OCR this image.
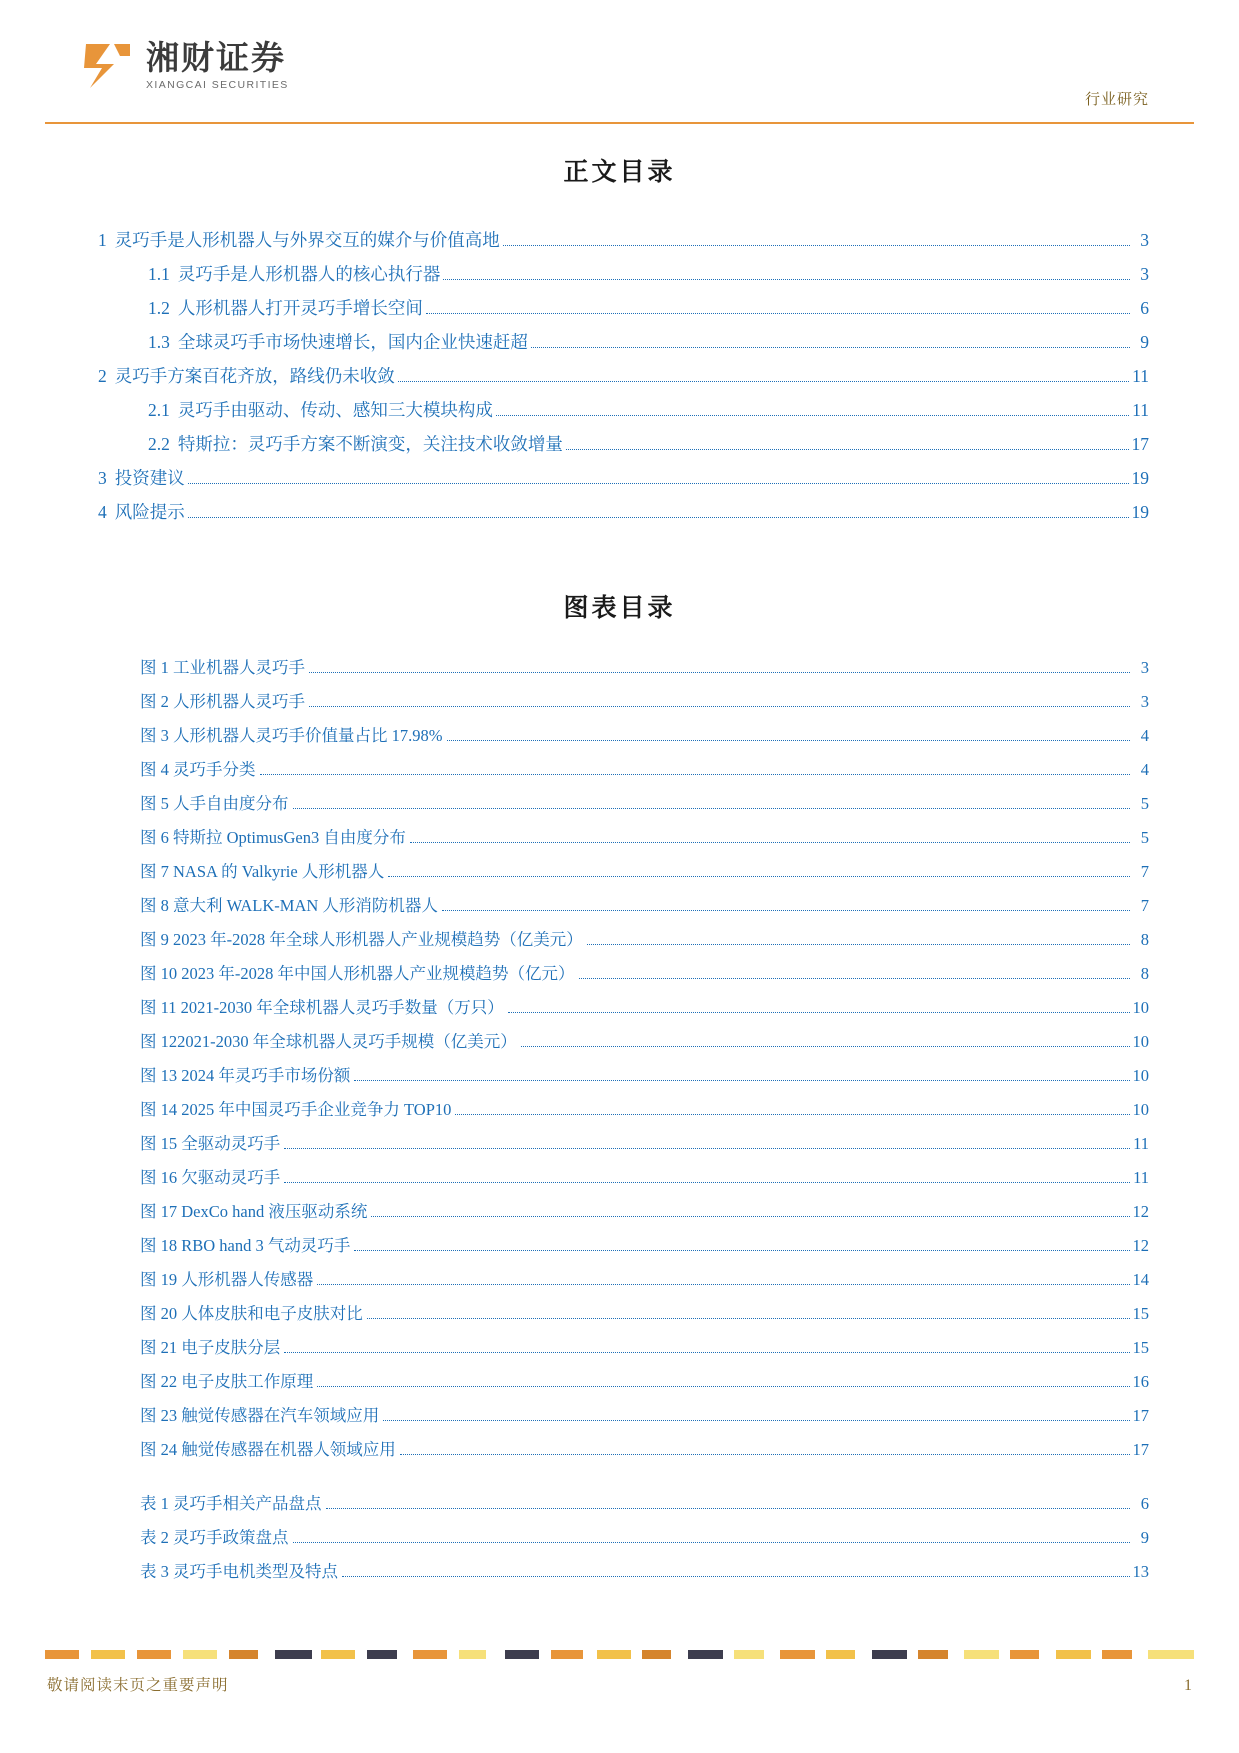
湘财证券
XIANGCAI SECURITIES
行业研究
正文目录
1 灵巧手是人形机器人与外界交互的媒介与价值高地	3
1.1 灵巧手是人形机器人的核心执行器	3
1.2 人形机器人打开灵巧手增长空间	6
1.3 全球灵巧手市场快速增长，国内企业快速赶超	9
2 灵巧手方案百花齐放，路线仍未收敛	11
2.1 灵巧手由驱动、传动、感知三大模块构成	11
2.2 特斯拉：灵巧手方案不断演变，关注技术收敛增量	17
3 投资建议	19
4 风险提示	19
图表目录
图 1 工业机器人灵巧手	3
图 2 人形机器人灵巧手	3
图 3 人形机器人灵巧手价值量占比 17.98%	4
图 4 灵巧手分类	4
图 5 人手自由度分布	5
图 6 特斯拉 OptimusGen3 自由度分布	5
图 7 NASA 的 Valkyrie 人形机器人	7
图 8 意大利 WALK-MAN 人形消防机器人	7
图 9 2023 年-2028 年全球人形机器人产业规模趋势（亿美元）	8
图 10 2023 年-2028 年中国人形机器人产业规模趋势（亿元）	8
图 11 2021-2030 年全球机器人灵巧手数量（万只）	10
图 122021-2030 年全球机器人灵巧手规模（亿美元）	10
图 13 2024 年灵巧手市场份额	10
图 14 2025 年中国灵巧手企业竞争力 TOP10	10
图 15 全驱动灵巧手	11
图 16 欠驱动灵巧手	11
图 17 DexCo hand 液压驱动系统	12
图 18 RBO hand 3 气动灵巧手	12
图 19 人形机器人传感器	14
图 20 人体皮肤和电子皮肤对比	15
图 21 电子皮肤分层	15
图 22 电子皮肤工作原理	16
图 23 触觉传感器在汽车领域应用	17
图 24 触觉传感器在机器人领域应用	17
表 1 灵巧手相关产品盘点	6
表 2 灵巧手政策盘点	9
表 3 灵巧手电机类型及特点	13
敬请阅读末页之重要声明	1
